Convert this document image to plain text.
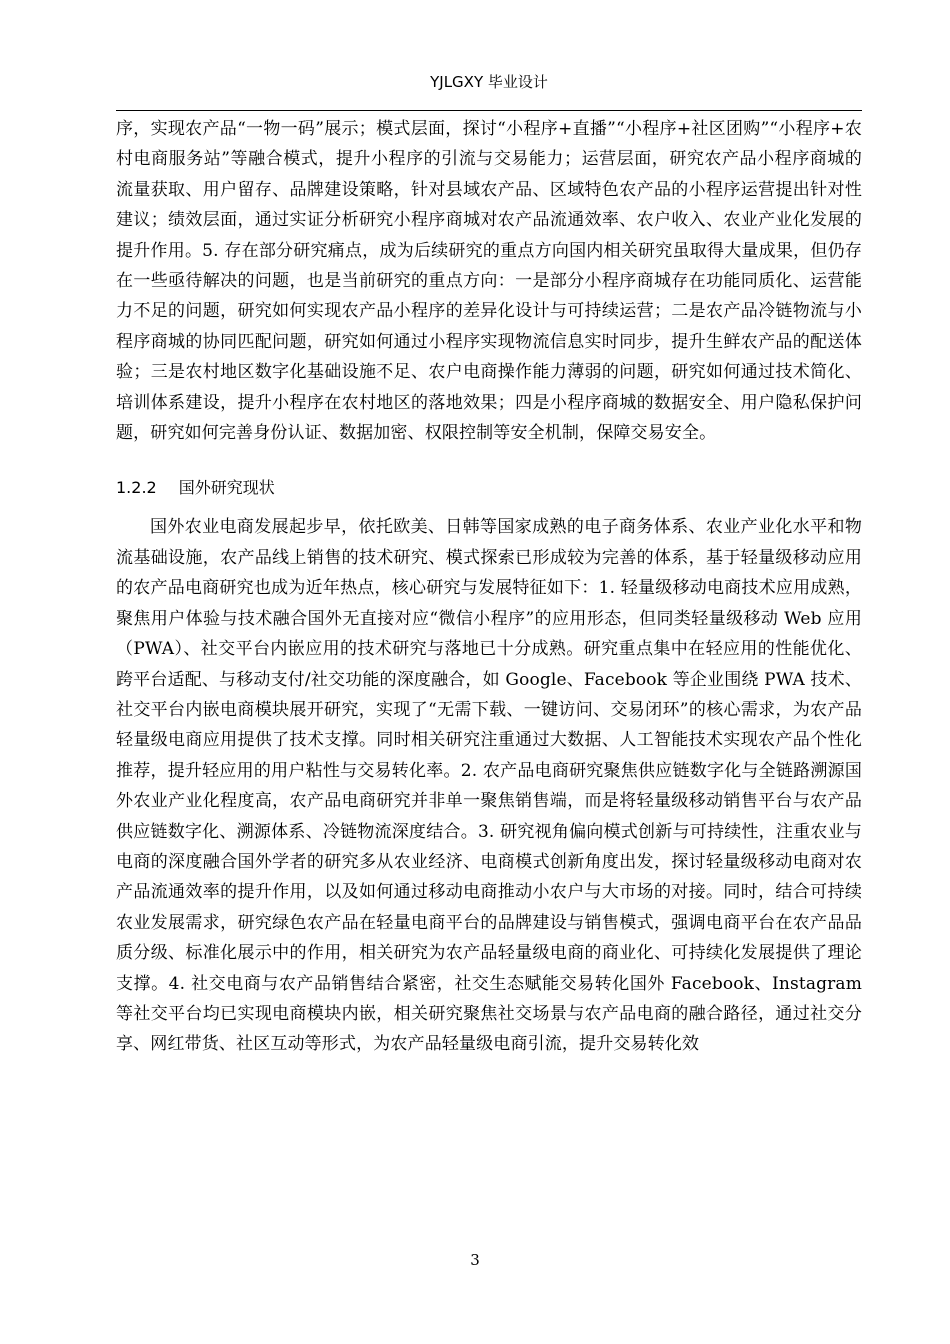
YJLGXY 毕业设计

序，实现农产品“一物一码”展示；模式层面，探讨“小程序+直播”“小程序+社区团购”“小程序+农村电商服务站”等融合模式，提升小程序的引流与交易能力；运营层面，研究农产品小程序商城的流量获取、用户留存、品牌建设策略，针对县域农产品、区域特色农产品的小程序运营提出针对性建议；绩效层面，通过实证分析研究小程序商城对农产品流通效率、农户收入、农业产业化发展的提升作用。5. 存在部分研究痛点，成为后续研究的重点方向国内相关研究虽取得大量成果，但仍存在一些亟待解决的问题，也是当前研究的重点方向：一是部分小程序商城存在功能同质化、运营能力不足的问题，研究如何实现农产品小程序的差异化设计与可持续运营；二是农产品冷链物流与小程序商城的协同匹配问题，研究如何通过小程序实现物流信息实时同步，提升生鲜农产品的配送体验；三是农村地区数字化基础设施不足、农户电商操作能力薄弱的问题，研究如何通过技术简化、培训体系建设，提升小程序在农村地区的落地效果；四是小程序商城的数据安全、用户隐私保护问题，研究如何完善身份认证、数据加密、权限控制等安全机制，保障交易安全。

1.2.2 国外研究现状

国外农业电商发展起步早，依托欧美、日韩等国家成熟的电子商务体系、农业产业化水平和物流基础设施，农产品线上销售的技术研究、模式探索已形成较为完善的体系，基于轻量级移动应用的农产品电商研究也成为近年热点，核心研究与发展特征如下：1. 轻量级移动电商技术应用成熟，聚焦用户体验与技术融合国外无直接对应“微信小程序”的应用形态，但同类轻量级移动 Web 应用（PWA）、社交平台内嵌应用的技术研究与落地已十分成熟。研究重点集中在轻应用的性能优化、跨平台适配、与移动支付/社交功能的深度融合，如 Google、Facebook 等企业围绕 PWA 技术、社交平台内嵌电商模块展开研究，实现了“无需下载、一键访问、交易闭环”的核心需求，为农产品轻量级电商应用提供了技术支撑。同时相关研究注重通过大数据、人工智能技术实现农产品个性化推荐，提升轻应用的用户粘性与交易转化率。2. 农产品电商研究聚焦供应链数字化与全链路溯源国外农业产业化程度高，农产品电商研究并非单一聚焦销售端，而是将轻量级移动销售平台与农产品供应链数字化、溯源体系、冷链物流深度结合。3. 研究视角偏向模式创新与可持续性，注重农业与电商的深度融合国外学者的研究多从农业经济、电商模式创新角度出发，探讨轻量级移动电商对农产品流通效率的提升作用，以及如何通过移动电商推动小农户与大市场的对接。同时，结合可持续农业发展需求，研究绿色农产品在轻量电商平台的品牌建设与销售模式，强调电商平台在农产品品质分级、标准化展示中的作用，相关研究为农产品轻量级电商的商业化、可持续化发展提供了理论支撑。4. 社交电商与农产品销售结合紧密，社交生态赋能交易转化国外 Facebook、Instagram 等社交平台均已实现电商模块内嵌，相关研究聚焦社交场景与农产品电商的融合路径，通过社交分享、网红带货、社区互动等形式，为农产品轻量级电商引流，提升交易转化效

3
